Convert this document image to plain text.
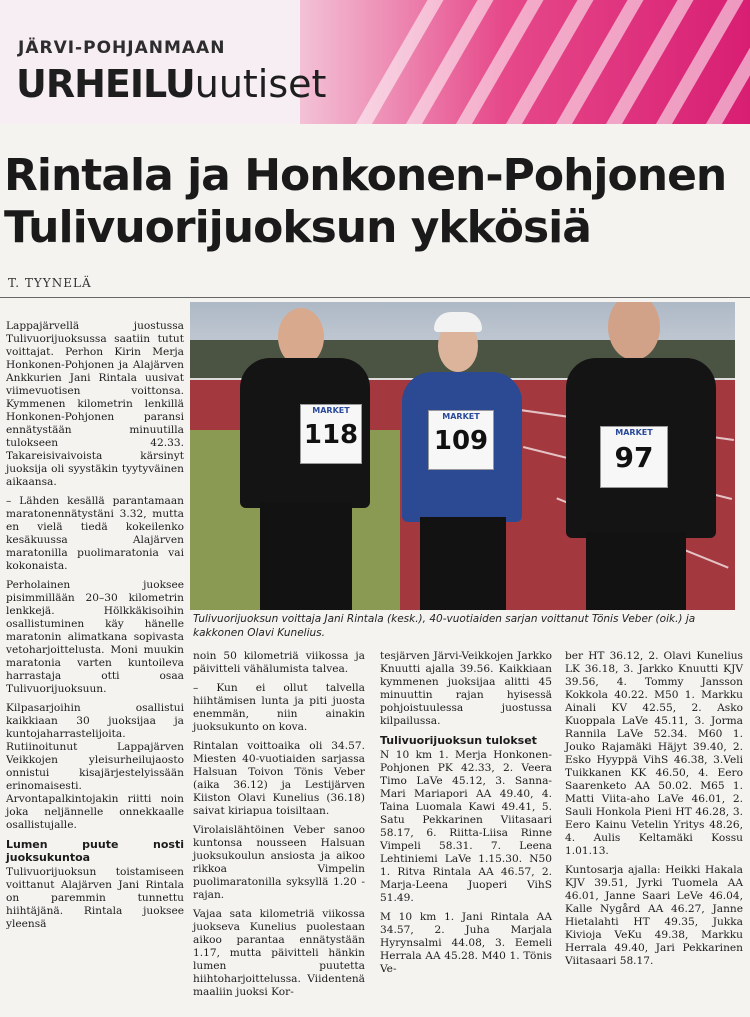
JÄRVI-POHJANMAAN
URHEILUuutiset
Rintala ja Honkonen-Pohjonen Tulivuorijuoksun ykkösiä
T. TYYNELÄ
MARKET
118
MARKET
109	MARKET
97
Tulivuorijuoksun voittaja Jani Rintala (kesk.), 40-vuotiaiden sarjan voittanut Tönis Veber (oik.) ja kakkonen Olavi Kunelius.

Lappajärvellä juostussa Tulivuorijuoksussa saatiin tutut voittajat. Perhon Kirin Merja Honkonen-Pohjonen ja Alajärven Ankkurien Jani Rintala uusivat viimevuotisen voittonsa. Kymmenen kilometrin lenkillä Honkonen-Pohjonen paransi ennätystään minuutilla tulokseen 42.33. Takareisivaivoista kärsinyt juoksija oli syystäkin tyytyväinen aikaansa.

– Lähden kesällä parantamaan maratonennätystäni 3.32, mutta en vielä tiedä kokeilenko kesäkuussa Alajärven maratonilla puolimaratonia vai kokonaista.

Perholainen juoksee pisimmillään 20–30 kilometrin lenkkejä. Hölkkäkisoihin osallistuminen käy hänelle maratonin alimatkana sopivasta vetoharjoittelusta. Moni muukin maratonia varten kuntoileva harrastaja otti osaa Tulivuorijuoksuun.

Kilpasarjoihin osallistui kaikkiaan 30 juoksijaa ja kuntojaharrastelijoita. Rutiinoitunut Lappajärven Veikkojen yleisurheilujaosto onnistui kisajärjestelyissään erinomaisesti. Arvontapalkintojakin riitti noin joka neljännelle onnekkaalle osallistujalle.

Lumen puute nosti juoksukuntoa

Tulivuorijuoksun toistamiseen voittanut Alajärven Jani Rintala on paremmin tunnettu hiihtäjänä. Rintala juoksee yleensä

noin 50 kilometriä viikossa ja päivitteli vähälumista talvea.

– Kun ei ollut talvella hiihtämisen lunta ja piti juosta enemmän, niin ainakin juoksukunto on kova.

Rintalan voittoaika oli 34.57. Miesten 40-vuotiaiden sarjassa Halsuan Toivon Tönis Veber (aika 36.12) ja Lestijärven Kiiston Olavi Kunelius (36.18) saivat kiriapua toisiltaan.

Virolaislähtöinen Veber sanoo kuntonsa nousseen Halsuan juoksukoulun ansiosta ja aikoo rikkoa Vimpelin puolimaratonilla syksyllä 1.20 -rajan.

Vajaa sata kilometriä viikossa juokseva Kunelius puolestaan aikoo parantaa ennätystään 1.17, mutta päivitteli hänkin lumen puutetta hiihtoharjoittelussa. Viidentenä maaliin juoksi Kor-

tesjärven Järvi-Veikkojen Jarkko Knuutti ajalla 39.56. Kaikkiaan kymmenen juoksijaa alitti 45 minuuttin rajan hyisessä pohjoistuulessa juostussa kilpailussa.

Tulivuorijuoksun tulokset

N 10 km 1. Merja Honkonen-Pohjonen PK 42.33, 2. Veera Timo LaVe 45.12, 3. Sanna-Mari Mariapori AA 49.40, 4. Taina Luomala Kawi 49.41, 5. Satu Pekkarinen Viitasaari 58.17, 6. Riitta-Liisa Rinne Vimpeli 58.31. 7. Leena Lehtiniemi LaVe 1.15.30. N50 1. Ritva Rintala AA 46.57, 2. Marja-Leena Juoperi VihS 51.49.

M 10 km 1. Jani Rintala AA 34.57, 2. Juha Marjala Hyrynsalmi 44.08, 3. Eemeli Herrala AA 45.28. M40 1. Tönis Ve-

ber HT 36.12, 2. Olavi Kunelius LK 36.18, 3. Jarkko Knuutti KJV 39.56, 4. Tommy Jansson Kokkola 40.22. M50 1. Markku Ainali KV 42.55, 2. Asko Kuoppala LaVe 45.11, 3. Jorma Rannila LaVe 52.34. M60 1. Jouko Rajamäki Häjyt 39.40, 2. Esko Hyyppä VihS 46.38, 3.Veli Tuikkanen KK 46.50, 4. Eero Saarenketo AA 50.02. M65 1. Matti Viita-aho LaVe 46.01, 2. Sauli Honkola Pieni HT 46.28, 3. Eero Kainu Vetelin Yritys 48.26, 4. Aulis Keltamäki Kossu 1.01.13.

Kuntosarja ajalla: Heikki Hakala KJV 39.51, Jyrki Tuomela AA 46.01, Janne Saari LeVe 46.04, Kalle Nygård AA 46.27, Janne Hietalahti HT 49.35, Jukka Kivioja VeKu 49.38, Markku Herrala 49.40, Jari Pekkarinen Viitasaari 58.17.
